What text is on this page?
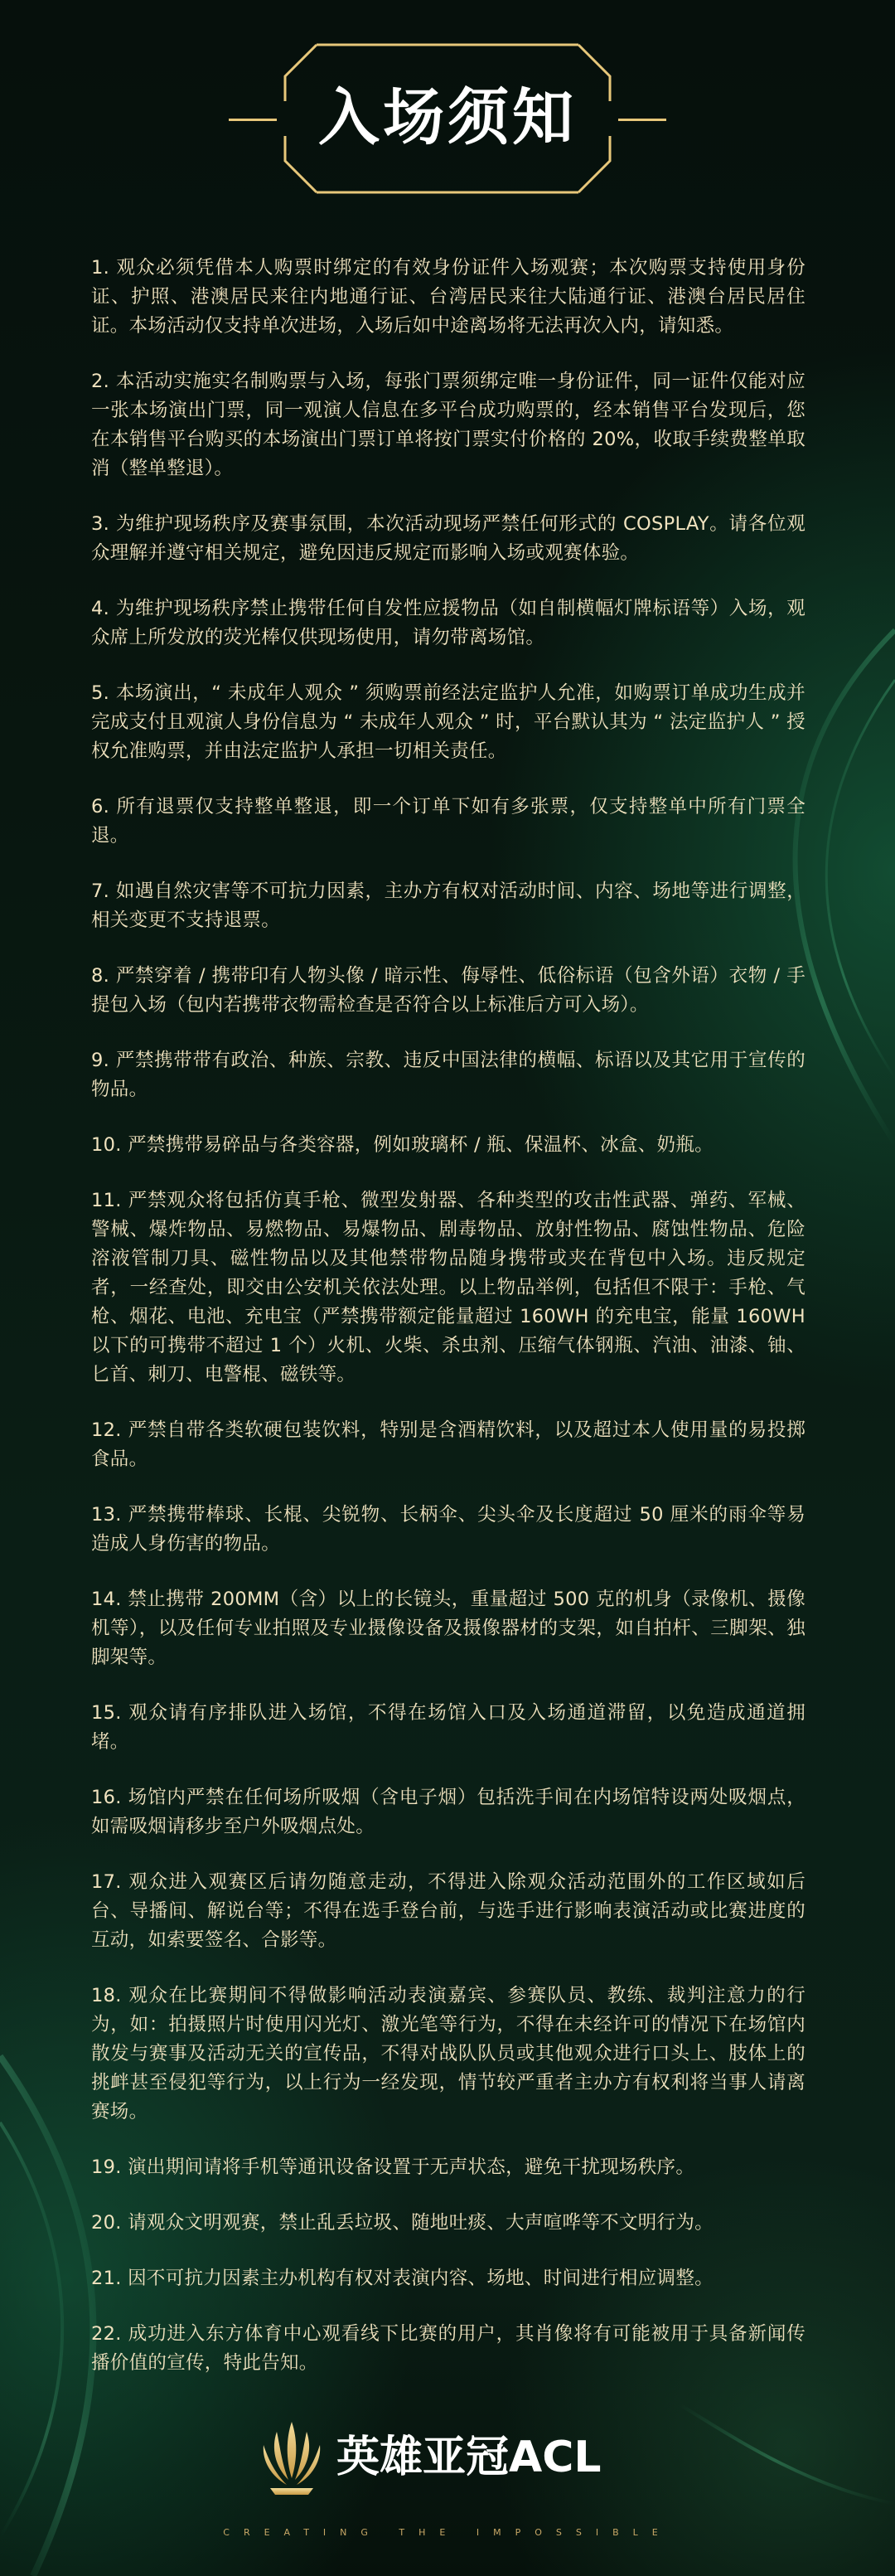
入场须知

1. 观众必须凭借本人购票时绑定的有效身份证件入场观赛；本次购票支持使用身份证、护照、港澳居民来往内地通行证、台湾居民来往大陆通行证、港澳台居民居住证。本场活动仅支持单次进场，入场后如中途离场将无法再次入内，请知悉。

2. 本活动实施实名制购票与入场，每张门票须绑定唯一身份证件，同一证件仅能对应一张本场演出门票，同一观演人信息在多平台成功购票的，经本销售平台发现后，您在本销售平台购买的本场演出门票订单将按门票实付价格的 20%，收取手续费整单取消（整单整退）。

3. 为维护现场秩序及赛事氛围，本次活动现场严禁任何形式的 COSPLAY。请各位观众理解并遵守相关规定，避免因违反规定而影响入场或观赛体验。

4. 为维护现场秩序禁止携带任何自发性应援物品（如自制横幅灯牌标语等）入场，观众席上所发放的荧光棒仅供现场使用，请勿带离场馆。

5. 本场演出，“ 未成年人观众 ” 须购票前经法定监护人允准，如购票订单成功生成并完成支付且观演人身份信息为 “ 未成年人观众 ” 时，平台默认其为 “ 法定监护人 ” 授权允准购票，并由法定监护人承担一切相关责任。

6. 所有退票仅支持整单整退，即一个订单下如有多张票，仅支持整单中所有门票全退。

7. 如遇自然灾害等不可抗力因素，主办方有权对活动时间、内容、场地等进行调整，相关变更不支持退票。

8. 严禁穿着 / 携带印有人物头像 / 暗示性、侮辱性、低俗标语（包含外语）衣物 / 手提包入场（包内若携带衣物需检查是否符合以上标准后方可入场）。

9. 严禁携带带有政治、种族、宗教、违反中国法律的横幅、标语以及其它用于宣传的物品。

10. 严禁携带易碎品与各类容器，例如玻璃杯 / 瓶、保温杯、冰盒、奶瓶。

11. 严禁观众将包括仿真手枪、微型发射器、各种类型的攻击性武器、弹药、军械、警械、爆炸物品、易燃物品、易爆物品、剧毒物品、放射性物品、腐蚀性物品、危险溶液管制刀具、磁性物品以及其他禁带物品随身携带或夹在背包中入场。违反规定者，一经查处，即交由公安机关依法处理。以上物品举例，包括但不限于：手枪、气枪、烟花、电池、充电宝（严禁携带额定能量超过 160WH 的充电宝，能量 160WH 以下的可携带不超过 1 个）火机、火柴、杀虫剂、压缩气体钢瓶、汽油、油漆、铀、匕首、刺刀、电警棍、磁铁等。

12. 严禁自带各类软硬包装饮料，特别是含酒精饮料，以及超过本人使用量的易投掷食品。

13. 严禁携带棒球、长棍、尖锐物、长柄伞、尖头伞及长度超过 50 厘米的雨伞等易造成人身伤害的物品。

14. 禁止携带 200MM（含）以上的长镜头，重量超过 500 克的机身（录像机、摄像机等），以及任何专业拍照及专业摄像设备及摄像器材的支架，如自拍杆、三脚架、独脚架等。

15. 观众请有序排队进入场馆，不得在场馆入口及入场通道滞留，以免造成通道拥堵。

16. 场馆内严禁在任何场所吸烟（含电子烟）包括洗手间在内场馆特设两处吸烟点，如需吸烟请移步至户外吸烟点处。

17. 观众进入观赛区后请勿随意走动，不得进入除观众活动范围外的工作区域如后台、导播间、解说台等；不得在选手登台前，与选手进行影响表演活动或比赛进度的互动，如索要签名、合影等。

18. 观众在比赛期间不得做影响活动表演嘉宾、参赛队员、教练、裁判注意力的行为，如：拍摄照片时使用闪光灯、激光笔等行为，不得在未经许可的情况下在场馆内散发与赛事及活动无关的宣传品，不得对战队队员或其他观众进行口头上、肢体上的挑衅甚至侵犯等行为，以上行为一经发现，情节较严重者主办方有权利将当事人请离赛场。

19. 演出期间请将手机等通讯设备设置于无声状态，避免干扰现场秩序。

20. 请观众文明观赛，禁止乱丢垃圾、随地吐痰、大声喧哗等不文明行为。

21. 因不可抗力因素主办机构有权对表演内容、场地、时间进行相应调整。

22. 成功进入东方体育中心观看线下比赛的用户，其肖像将有可能被用于具备新闻传播价值的宣传，特此告知。

英雄亚冠ACL
CREATING THE IMPOSSIBLE
